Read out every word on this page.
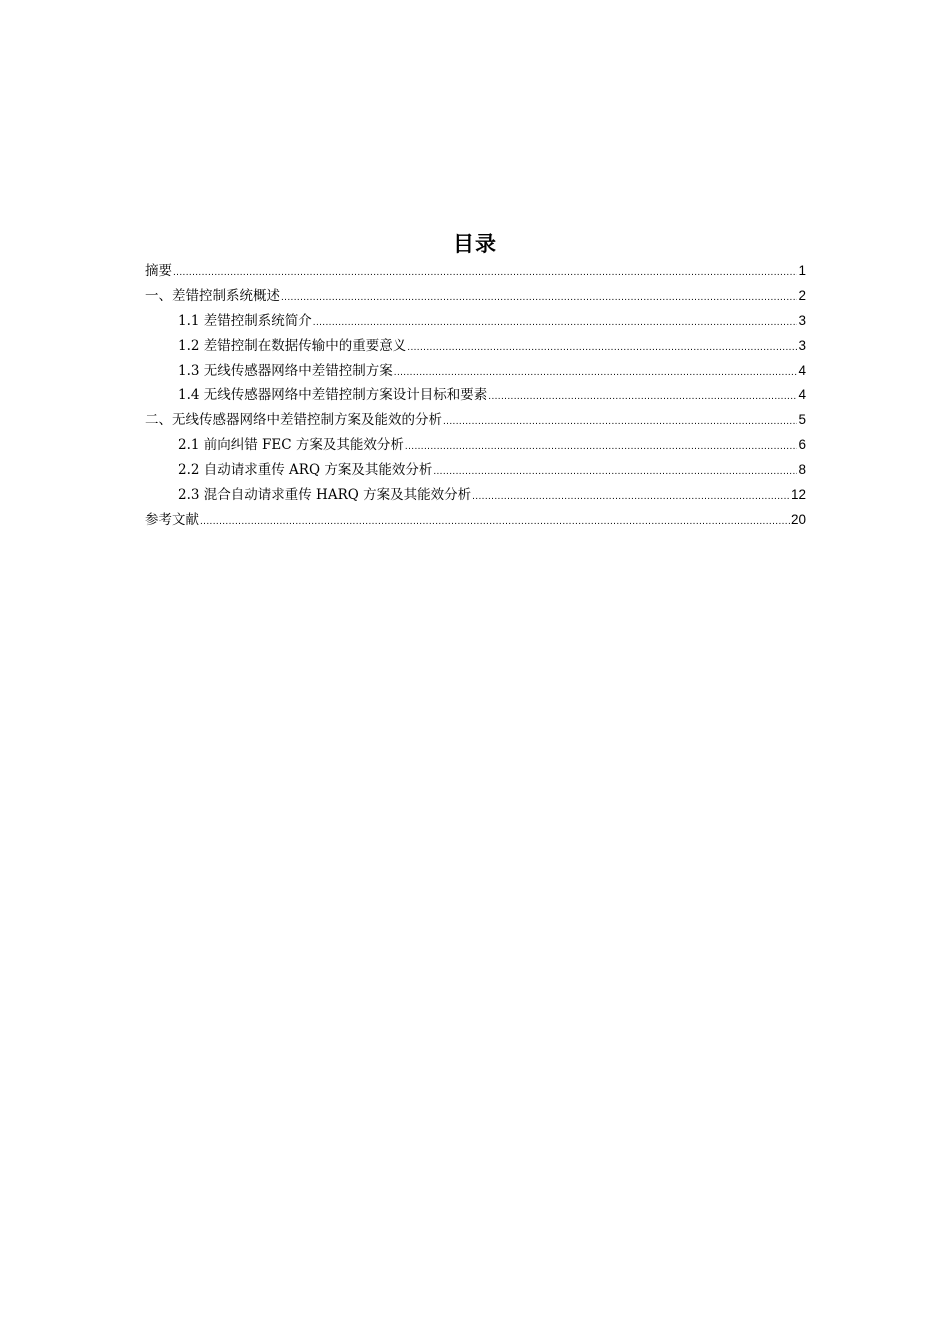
目录
摘要 .....	1
一、差错控制系统概述 .....	2
1.1 差错控制系统简介 .....	3
1.2 差错控制在数据传输中的重要意义 .....	3
1.3 无线传感器网络中差错控制方案 .....	4
1.4 无线传感器网络中差错控制方案设计目标和要素 .....	4
二、无线传感器网络中差错控制方案及能效的分析 .....	5
2.1 前向纠错 FEC 方案及其能效分析 .....	6
2.2 自动请求重传 ARQ 方案及其能效分析 .....	8
2.3 混合自动请求重传 HARQ 方案及其能效分析 .....	12
参考文献 .....	20
